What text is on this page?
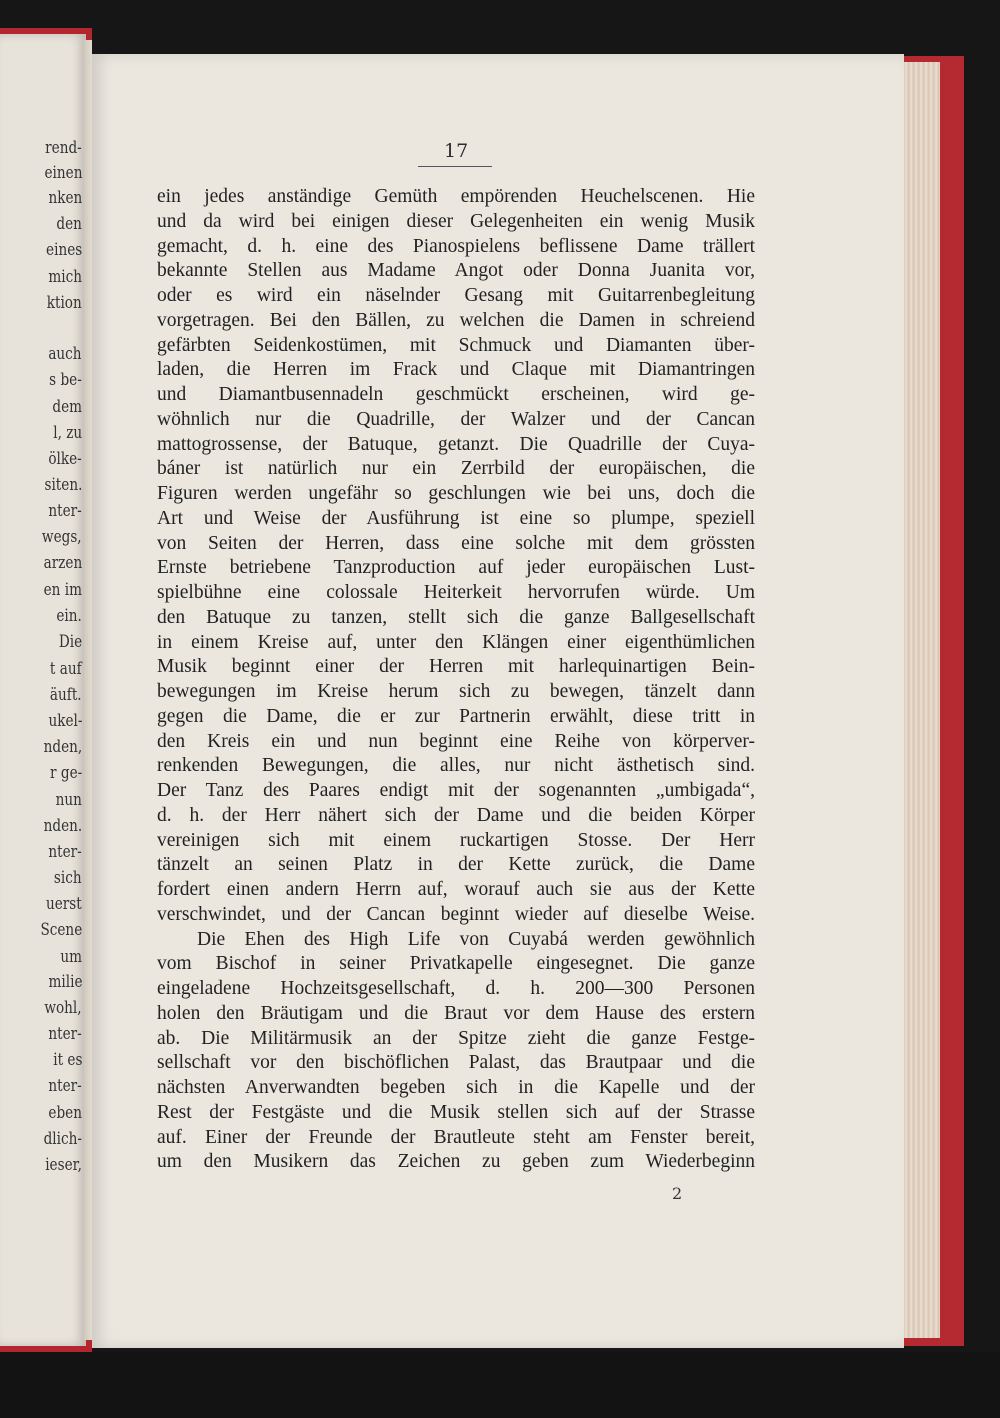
rend-
einen
nken
den
eines
mich
ktion
auch
s be-
dem
l, zu
ölke-
siten.
nter-
wegs,
arzen
en im
ein.
Die
t auf
äuft.
ukel-
nden,
r ge-
nun
nden.
nter-
sich
uerst
Scene
um
milie
wohl,
nter-
it es
nter-
eben
dlich-
ieser,
17
ein jedes anständige Gemüth empörenden Heuchelscenen. Hie
und da wird bei einigen dieser Gelegenheiten ein wenig Musik
gemacht, d. h. eine des Pianospielens beflissene Dame trällert
bekannte Stellen aus Madame Angot oder Donna Juanita vor,
oder es wird ein näselnder Gesang mit Guitarrenbegleitung
vorgetragen. Bei den Bällen, zu welchen die Damen in schreiend
gefärbten Seidenkostümen, mit Schmuck und Diamanten über-
laden, die Herren im Frack und Claque mit Diamantringen
und Diamantbusennadeln geschmückt erscheinen, wird ge-
wöhnlich nur die Quadrille, der Walzer und der Cancan
mattogrossense, der Batuque, getanzt. Die Quadrille der Cuya-
báner ist natürlich nur ein Zerrbild der europäischen, die
Figuren werden ungefähr so geschlungen wie bei uns, doch die
Art und Weise der Ausführung ist eine so plumpe, speziell
von Seiten der Herren, dass eine solche mit dem grössten
Ernste betriebene Tanzproduction auf jeder europäischen Lust-
spielbühne eine colossale Heiterkeit hervorrufen würde. Um
den Batuque zu tanzen, stellt sich die ganze Ballgesellschaft
in einem Kreise auf, unter den Klängen einer eigenthümlichen
Musik beginnt einer der Herren mit harlequinartigen Bein-
bewegungen im Kreise herum sich zu bewegen, tänzelt dann
gegen die Dame, die er zur Partnerin erwählt, diese tritt in
den Kreis ein und nun beginnt eine Reihe von körperver-
renkenden Bewegungen, die alles, nur nicht ästhetisch sind.
Der Tanz des Paares endigt mit der sogenannten „umbigada“,
d. h. der Herr nähert sich der Dame und die beiden Körper
vereinigen sich mit einem ruckartigen Stosse. Der Herr
tänzelt an seinen Platz in der Kette zurück, die Dame
fordert einen andern Herrn auf, worauf auch sie aus der Kette
verschwindet, und der Cancan beginnt wieder auf dieselbe Weise.
Die Ehen des High Life von Cuyabá werden gewöhnlich
vom Bischof in seiner Privatkapelle eingesegnet. Die ganze
eingeladene Hochzeitsgesellschaft, d. h. 200—300 Personen
holen den Bräutigam und die Braut vor dem Hause des erstern
ab. Die Militärmusik an der Spitze zieht die ganze Festge-
sellschaft vor den bischöflichen Palast, das Brautpaar und die
nächsten Anverwandten begeben sich in die Kapelle und der
Rest der Festgäste und die Musik stellen sich auf der Strasse
auf. Einer der Freunde der Brautleute steht am Fenster bereit,
um den Musikern das Zeichen zu geben zum Wiederbeginn
2
